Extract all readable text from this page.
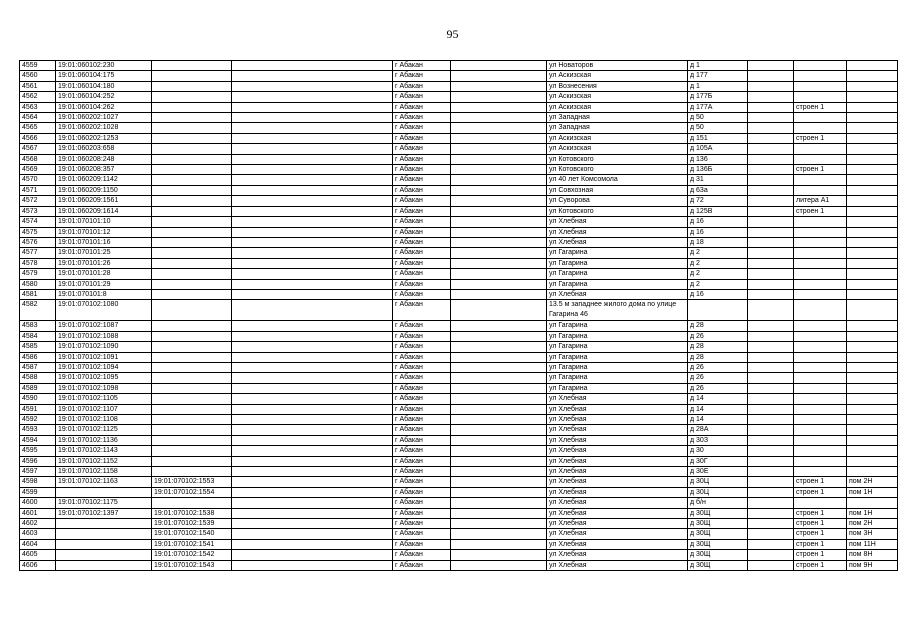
95
4559	19:01:060102:230			г Абакан		ул Новаторов	д 1			
4560	19:01:060104:175			г Абакан		ул Аскизская	д 177			
4561	19:01:060104:180			г Абакан		ул Вознесения	д 1			
4562	19:01:060104:252			г Абакан		ул Аскизская	д 177Б			
4563	19:01:060104:262			г Абакан		ул Аскизская	д 177А		строен 1	
4564	19:01:060202:1027			г Абакан		ул Западная	д 50			
4565	19:01:060202:1028			г Абакан		ул Западная	д 50			
4566	19:01:060202:1253			г Абакан		ул Аскизская	д 151		строен 1	
4567	19:01:060203:658			г Абакан		ул Аскизская	д 105А			
4568	19:01:060208:248			г Абакан		ул Котовского	д 136			
4569	19:01:060208:357			г Абакан		ул Котовского	д 136Б		строен 1	
4570	19:01:060209:1142			г Абакан		ул 40 лет Комсомола	д 31			
4571	19:01:060209:1150			г Абакан		ул Совхозная	д 63а			
4572	19:01:060209:1561			г Абакан		ул Суворова	д 72		литера А1	
4573	19:01:060209:1614			г Абакан		ул Котовского	д 125В		строен 1	
4574	19:01:070101:10			г Абакан		ул Хлебная	д 16			
4575	19:01:070101:12			г Абакан		ул Хлебная	д 16			
4576	19:01:070101:16			г Абакан		ул Хлебная	д 18			
4577	19:01:070101:25			г Абакан		ул Гагарина	д 2			
4578	19:01:070101:26			г Абакан		ул Гагарина	д 2			
4579	19:01:070101:28			г Абакан		ул Гагарина	д 2			
4580	19:01:070101:29			г Абакан		ул Гагарина	д 2			
4581	19:01:070101:8			г Абакан		ул Хлебная	д 16			
4582	19:01:070102:1080			г Абакан		13.5 м западнее жилого дома по улице Гагарина 46				
4583	19:01:070102:1087			г Абакан		ул Гагарина	д 28			
4584	19:01:070102:1088			г Абакан		ул Гагарина	д 26			
4585	19:01:070102:1090			г Абакан		ул Гагарина	д 28			
4586	19:01:070102:1091			г Абакан		ул Гагарина	д 28			
4587	19:01:070102:1094			г Абакан		ул Гагарина	д 26			
4588	19:01:070102:1095			г Абакан		ул Гагарина	д 26			
4589	19:01:070102:1098			г Абакан		ул Гагарина	д 26			
4590	19:01:070102:1105			г Абакан		ул Хлебная	д 14			
4591	19:01:070102:1107			г Абакан		ул Хлебная	д 14			
4592	19:01:070102:1108			г Абакан		ул Хлебная	д 14			
4593	19:01:070102:1125			г Абакан		ул Хлебная	д 28А			
4594	19:01:070102:1136			г Абакан		ул Хлебная	д 30З			
4595	19:01:070102:1143			г Абакан		ул Хлебная	д 30			
4596	19:01:070102:1152			г Абакан		ул Хлебная	д 30Г			
4597	19:01:070102:1158			г Абакан		ул Хлебная	д 30Е			
4598	19:01:070102:1163	19:01:070102:1553		г Абакан		ул Хлебная	д 30Ц		строен 1	пом 2Н
4599		19:01:070102:1554		г Абакан		ул Хлебная	д 30Ц		строен 1	пом 1Н
4600	19:01:070102:1175			г Абакан		ул Хлебная	д б/н			
4601	19:01:070102:1397	19:01:070102:1538		г Абакан		ул Хлебная	д 30Щ		строен 1	пом 1Н
4602		19:01:070102:1539		г Абакан		ул Хлебная	д 30Щ		строен 1	пом 2Н
4603		19:01:070102:1540		г Абакан		ул Хлебная	д 30Щ		строен 1	пом 3Н
4604		19:01:070102:1541		г Абакан		ул Хлебная	д 30Щ		строен 1	пом 11Н
4605		19:01:070102:1542		г Абакан		ул Хлебная	д 30Щ		строен 1	пом 8Н
4606		19:01:070102:1543		г Абакан		ул Хлебная	д 30Щ		строен 1	пом 9Н
